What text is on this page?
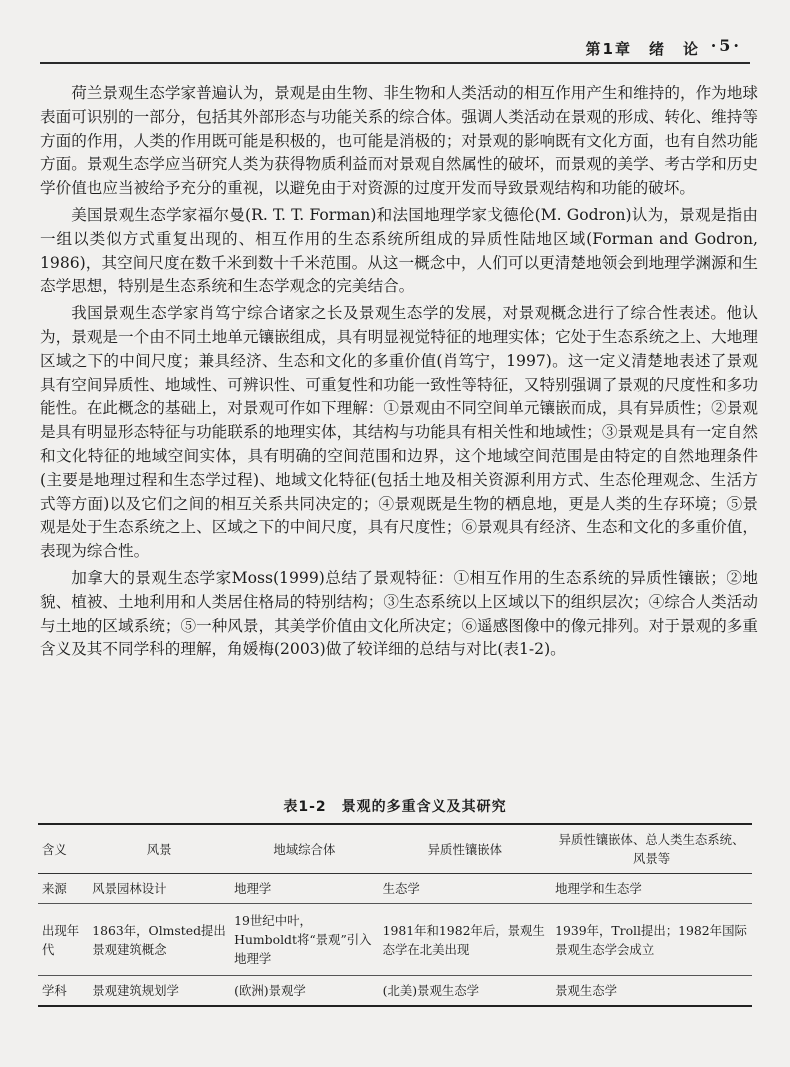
第1章　绪　论 ·5·

荷兰景观生态学家普遍认为，景观是由生物、非生物和人类活动的相互作用产生和维持的，作为地球表面可识别的一部分，包括其外部形态与功能关系的综合体。强调人类活动在景观的形成、转化、维持等方面的作用，人类的作用既可能是积极的，也可能是消极的；对景观的影响既有文化方面，也有自然功能方面。景观生态学应当研究人类为获得物质利益而对景观自然属性的破坏，而景观的美学、考古学和历史学价值也应当被给予充分的重视，以避免由于对资源的过度开发而导致景观结构和功能的破坏。

美国景观生态学家福尔曼(R. T. T. Forman)和法国地理学家戈德伦(M. Godron)认为，景观是指由一组以类似方式重复出现的、相互作用的生态系统所组成的异质性陆地区域(Forman and Godron, 1986)，其空间尺度在数千米到数十千米范围。从这一概念中，人们可以更清楚地领会到地理学渊源和生态学思想，特别是生态系统和生态学观念的完美结合。

我国景观生态学家肖笃宁综合诸家之长及景观生态学的发展，对景观概念进行了综合性表述。他认为，景观是一个由不同土地单元镶嵌组成，具有明显视觉特征的地理实体；它处于生态系统之上、大地理区域之下的中间尺度；兼具经济、生态和文化的多重价值(肖笃宁，1997)。这一定义清楚地表述了景观具有空间异质性、地域性、可辨识性、可重复性和功能一致性等特征，又特别强调了景观的尺度性和多功能性。在此概念的基础上，对景观可作如下理解：①景观由不同空间单元镶嵌而成，具有异质性；②景观是具有明显形态特征与功能联系的地理实体，其结构与功能具有相关性和地域性；③景观是具有一定自然和文化特征的地域空间实体，具有明确的空间范围和边界，这个地域空间范围是由特定的自然地理条件(主要是地理过程和生态学过程)、地域文化特征(包括土地及相关资源利用方式、生态伦理观念、生活方式等方面)以及它们之间的相互关系共同决定的；④景观既是生物的栖息地，更是人类的生存环境；⑤景观是处于生态系统之上、区域之下的中间尺度，具有尺度性；⑥景观具有经济、生态和文化的多重价值，表现为综合性。

加拿大的景观生态学家Moss(1999)总结了景观特征：①相互作用的生态系统的异质性镶嵌；②地貌、植被、土地利用和人类居住格局的特别结构；③生态系统以上区域以下的组织层次；④综合人类活动与土地的区域系统；⑤一种风景，其美学价值由文化所决定；⑥遥感图像中的像元排列。对于景观的多重含义及其不同学科的理解，角媛梅(2003)做了较详细的总结与对比(表1-2)。

表1-2　景观的多重含义及其研究
含义	风景	地域综合体	异质性镶嵌体	异质性镶嵌体、总人类生态系统、风景等
来源	风景园林设计	地理学	生态学	地理学和生态学
出现年代	1863年，Olmsted提出景观建筑概念	19世纪中叶，Humboldt将“景观”引入地理学	1981年和1982年后，景观生态学在北美出现	1939年，Troll提出；1982年国际景观生态学会成立
学科	景观建筑规划学	(欧洲)景观学	(北美)景观生态学	景观生态学
